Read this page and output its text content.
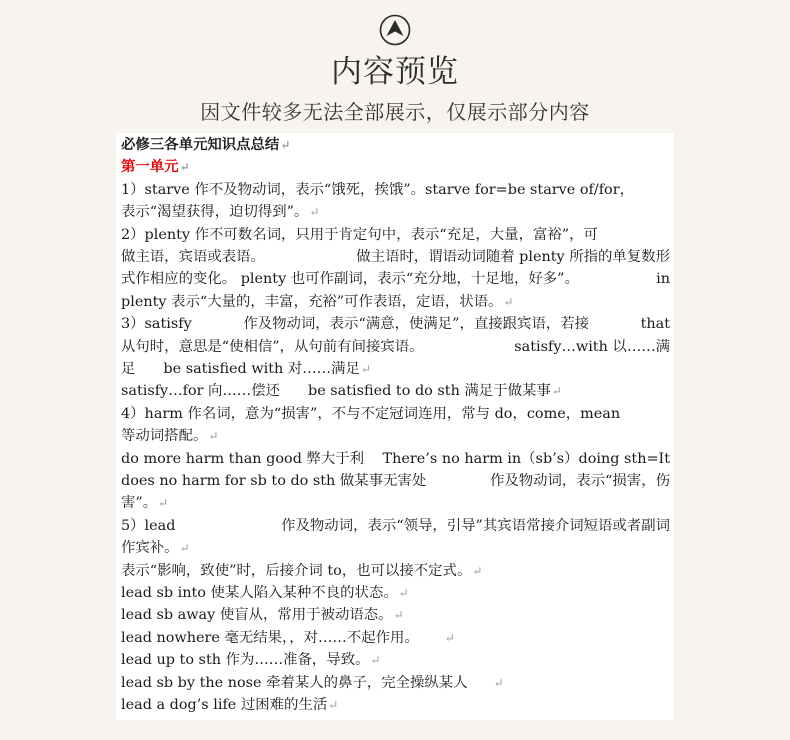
内容预览
因文件较多无法全部展示，仅展示部分内容
必修三各单元知识点总结↵
第一单元↵
1）starve 作不及物动词，表示“饿死，挨饿”。starve for=be starve of/for，
表示“渴望获得，迫切得到”。↵
2）plenty 作不可数名词，只用于肯定句中，表示“充足，大量，富裕”，可
做主语，宾语或表语。	做主语时，谓语动词随着 plenty 所指的单复数形
式作相应的变化。 plenty 也可作副词，表示“充分地，十足地，好多”。	in
plenty 表示“大量的，丰富，充裕”可作表语，定语，状语。↵
3）satisfy	作及物动词，表示“满意，使满足”，直接跟宾语，若接	that
从句时，意思是“使相信”，从句前有间接宾语。	satisfy…with 以……满
足 be satisfied with 对……满足↵
satisfy…for 向……偿还 be satisfied to do sth 满足于做某事↵
4）harm 作名词，意为“损害”，不与不定冠词连用，常与 do，come，mean
等动词搭配。↵
do more harm than good 弊大于利 There’s no harm in（sb’s）doing sth=It
does no harm for sb to do sth 做某事无害处	作及物动词，表示“损害，伤
害”。↵
5）lead	作及物动词，表示“领导，引导”其宾语常接介词短语或者副词
作宾补。↵
表示“影响，致使”时，后接介词 to，也可以接不定式。↵
lead sb into 使某人陷入某种不良的状态。↵
lead sb away 使盲从，常用于被动语态。↵
lead nowhere 毫无结果，，对……不起作用。 ↵
lead up to sth 作为……准备，导致。↵
lead sb by the nose 牵着某人的鼻子，完全操纵某人 ↵
lead a dog’s life 过困难的生活↵
